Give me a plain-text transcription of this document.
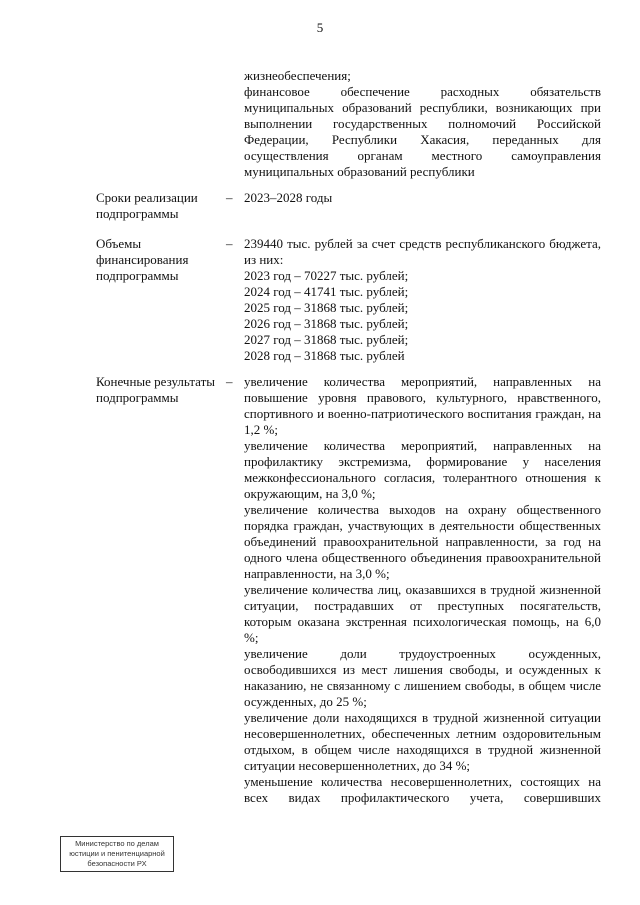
5

жизнеобеспечения;

финансовое обеспечение расходных обязательств муниципальных образований республики, возникающих при выполнении государственных полномочий Российской Федерации, Республики Хакасия, переданных для осуществления органам местного самоуправления муниципальных образований республики

Сроки реализации подпрограммы
– 2023–2028 годы

Объемы финансирования подпрограммы
– 239440 тыс. рублей за счет средств республиканского бюджета, из них:

2023 год – 70227 тыс. рублей;

2024 год – 41741 тыс. рублей;

2025 год – 31868 тыс. рублей;

2026 год – 31868 тыс. рублей;

2027 год – 31868 тыс. рублей;

2028 год – 31868 тыс. рублей

Конечные результаты подпрограммы
– увеличение количества мероприятий, направленных на повышение уровня правового, культурного, нравственного, спортивного и военно-патриотического воспитания граждан, на 1,2 %;

увеличение количества мероприятий, направленных на профилактику экстремизма, формирование у населения межконфессионального согласия, толерантного отношения к окружающим, на 3,0 %;

увеличение количества выходов на охрану общественного порядка граждан, участвующих в деятельности общественных объединений правоохранительной направленности, за год на одного члена общественного объединения правоохранительной направленности, на 3,0 %;

увеличение количества лиц, оказавшихся в трудной жизненной ситуации, пострадавших от преступных посягательств, которым оказана экстренная психологическая помощь, на 6,0 %;

увеличение доли трудоустроенных осужденных, освободившихся из мест лишения свободы, и осужденных к наказанию, не связанному с лишением свободы, в общем числе осужденных, до 25 %;

увеличение доли находящихся в трудной жизненной ситуации несовершеннолетних, обеспеченных летним оздоровительным отдыхом, в общем числе находящихся в трудной жизненной ситуации несовершеннолетних, до 34 %;

уменьшение количества несовершеннолетних, состоящих на всех видах профилактического учета, совершивших

Министерство по делам
юстиции и пенитенциарной
безопасности РХ
